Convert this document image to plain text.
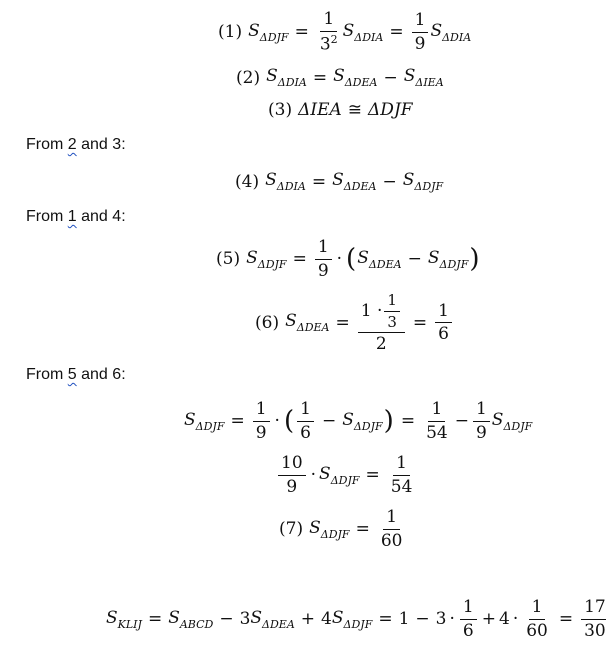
(1) $S_{\Delta DJF} = \frac{1}{3^2} S_{\Delta DIA} = \frac{1}{9} S_{\Delta DIA}$
(2) $S_{\Delta DIA} = S_{\Delta DEA} - S_{\Delta IEA}$
(3) ΔIEA ≅ ΔDJF
From 2 and 3:
(4) $S_{\Delta DIA} = S_{\Delta DEA} - S_{\Delta DJF}$
From 1 and 4:
(5) $S_{\Delta DJF} = \frac{1}{9}$ · ( $S_{\Delta DEA} - S_{\Delta DJF}$ )
(6) $S_{\Delta DEA} = \frac{1 \cdot \frac{1}{3}}{2} = \frac{1}{6}$
From 5 and 6:
$S_{\Delta DJF} = \frac{1}{9}$ · ( $\frac{1}{6} - S_{\Delta DJF}$ ) = $\frac{1}{54} - \frac{1}{9} S_{\Delta DJF}$
$\frac{10}{9} \cdot S_{\Delta DJF} = \frac{1}{54}$
(7) $S_{\Delta DJF} = \frac{1}{60}$
$S_{KLIJ} = S_{ABCD} - 3$ $S_{\Delta DEA} + 4$ $S_{\Delta DJF} = 1 - 3 \cdot \frac{1}{6} + 4 \cdot \frac{1}{60} = \frac{17}{30}$
